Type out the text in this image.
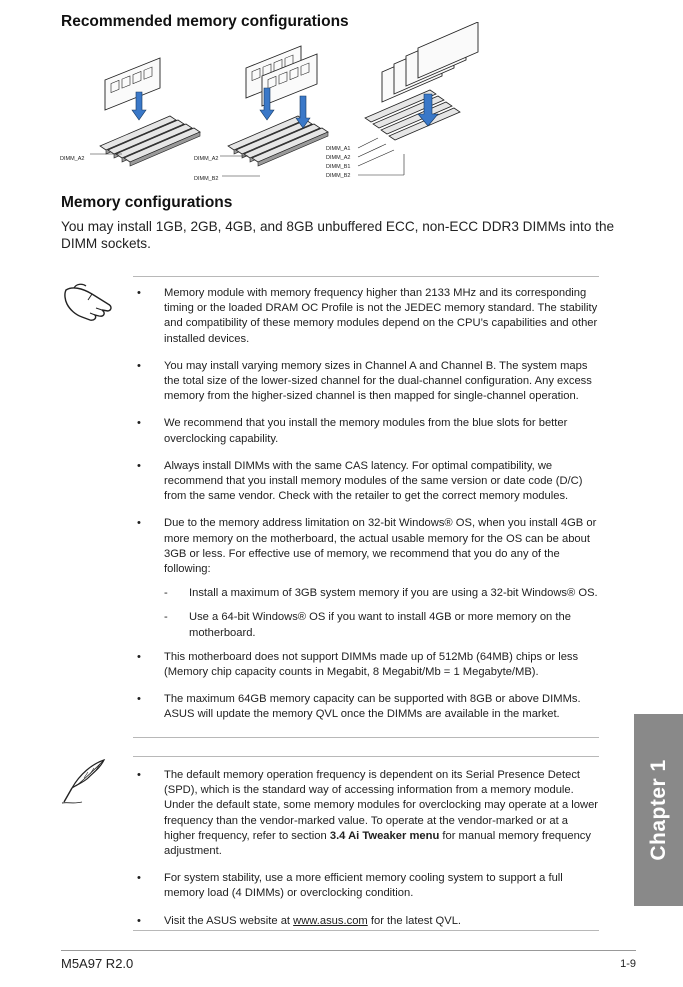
Recommended memory configurations
DIMM_A2	DIMM_A2
DIMM_B2
DIMM_A1
DIMM_A2
DIMM_B1
DIMM_B2
Memory configurations
You may install 1GB, 2GB, 4GB, and 8GB unbuffered ECC, non-ECC DDR3 DIMMs into the DIMM sockets.
• Memory module with memory frequency higher than 2133 MHz and its corresponding timing or the loaded DRAM OC Profile is not the JEDEC memory standard. The stability and compatibility of these memory modules depend on the CPU’s capabilities and other installed devices.
• You may install varying memory sizes in Channel A and Channel B. The system maps the total size of the lower-sized channel for the dual-channel configuration. Any excess memory from the higher-sized channel is then mapped for single-channel operation.
• We recommend that you install the memory modules from the blue slots for better overclocking capability.
• Always install DIMMs with the same CAS latency. For optimal compatibility, we recommend that you install memory modules of the same version or date code (D/C) from the same vendor. Check with the retailer to get the correct memory modules.
• Due to the memory address limitation on 32-bit Windows® OS, when you install 4GB or more memory on the motherboard, the actual usable memory for the OS can be about 3GB or less. For effective use of memory, we recommend that you do any of the following:
- Install a maximum of 3GB system memory if you are using a 32-bit Windows® OS.
- Use a 64-bit Windows® OS if you want to install 4GB or more memory on the motherboard.
• This motherboard does not support DIMMs made up of 512Mb (64MB) chips or less (Memory chip capacity counts in Megabit, 8 Megabit/Mb = 1 Megabyte/MB).
• The maximum 64GB memory capacity can be supported with 8GB or above DIMMs. ASUS will update the memory QVL once the DIMMs are available in the market.
• The default memory operation frequency is dependent on its Serial Presence Detect (SPD), which is the standard way of accessing information from a memory module. Under the default state, some memory modules for overclocking may operate at a lower frequency than the vendor-marked value. To operate at the vendor-marked or at a higher frequency, refer to section 3.4 Ai Tweaker menu for manual memory frequency adjustment.
• For system stability, use a more efficient memory cooling system to support a full memory load (4 DIMMs) or overclocking condition.
• Visit the ASUS website at www.asus.com for the latest QVL.
Chapter 1
M5A97 R2.0	1-9
